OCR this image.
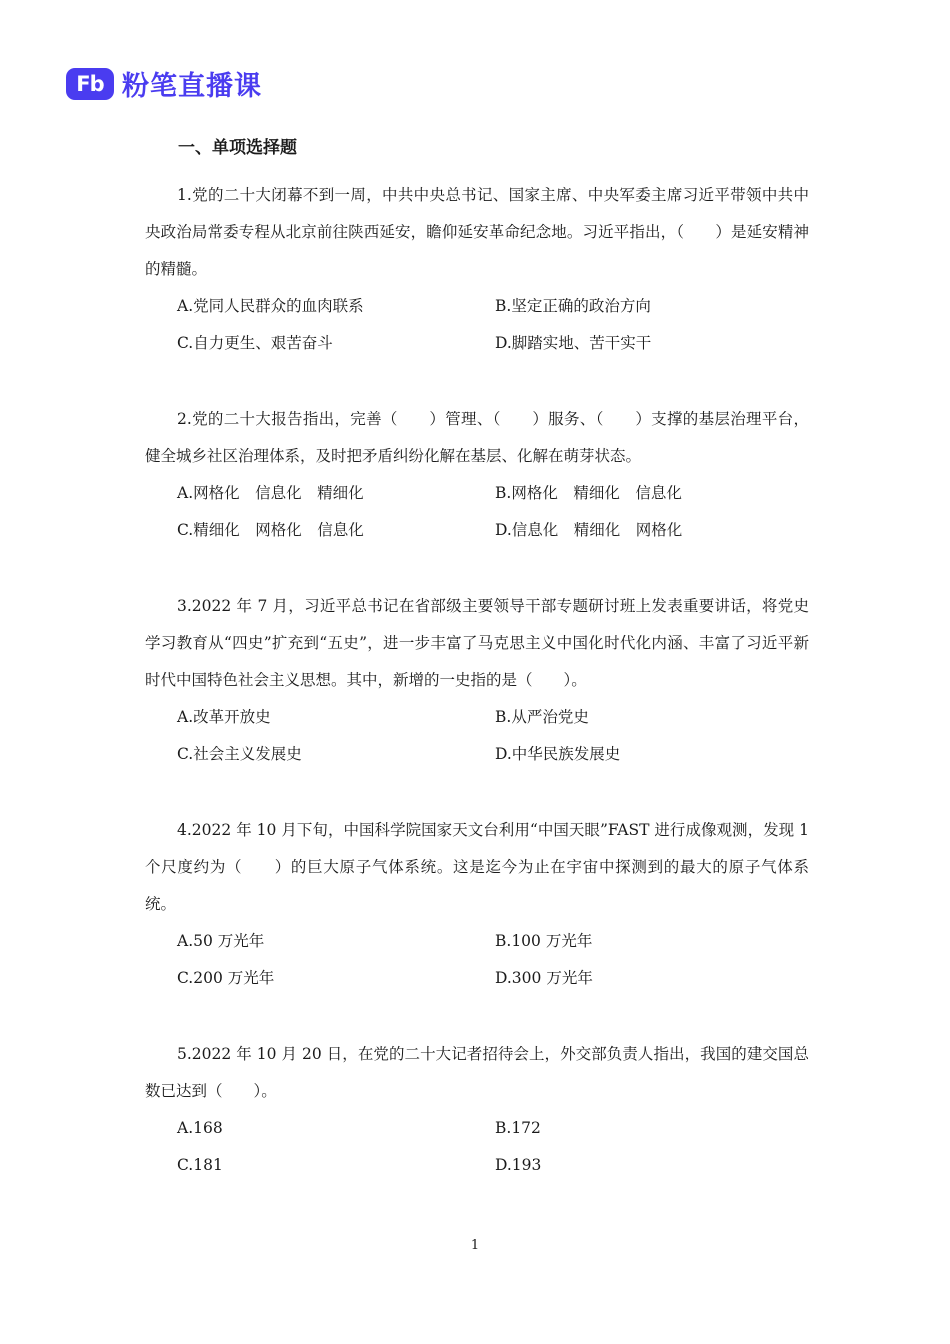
Fb 粉笔直播课
一、单项选择题

1.党的二十大闭幕不到一周，中共中央总书记、国家主席、中央军委主席习近平带领中共中央政治局常委专程从北京前往陕西延安，瞻仰延安革命纪念地。习近平指出，（　　）是延安精神的精髓。

A.党同人民群众的血肉联系	B.坚定正确的政治方向
C.自力更生、艰苦奋斗	D.脚踏实地、苦干实干

2.党的二十大报告指出，完善（　　）管理、（　　）服务、（　　）支撑的基层治理平台，健全城乡社区治理体系，及时把矛盾纠纷化解在基层、化解在萌芽状态。

A.网格化　信息化　精细化	B.网格化　精细化　信息化
C.精细化　网格化　信息化	D.信息化　精细化　网格化

3.2022 年 7 月，习近平总书记在省部级主要领导干部专题研讨班上发表重要讲话，将党史学习教育从“四史”扩充到“五史”，进一步丰富了马克思主义中国化时代化内涵、丰富了习近平新时代中国特色社会主义思想。其中，新增的一史指的是（　　）。

A.改革开放史	B.从严治党史
C.社会主义发展史	D.中华民族发展史

4.2022 年 10 月下旬，中国科学院国家天文台利用“中国天眼”FAST 进行成像观测，发现 1 个尺度约为（　　）的巨大原子气体系统。这是迄今为止在宇宙中探测到的最大的原子气体系统。

A.50 万光年	B.100 万光年
C.200 万光年	D.300 万光年

5.2022 年 10 月 20 日，在党的二十大记者招待会上，外交部负责人指出，我国的建交国总数已达到（　　）。

A.168	B.172
C.181	D.193
1
